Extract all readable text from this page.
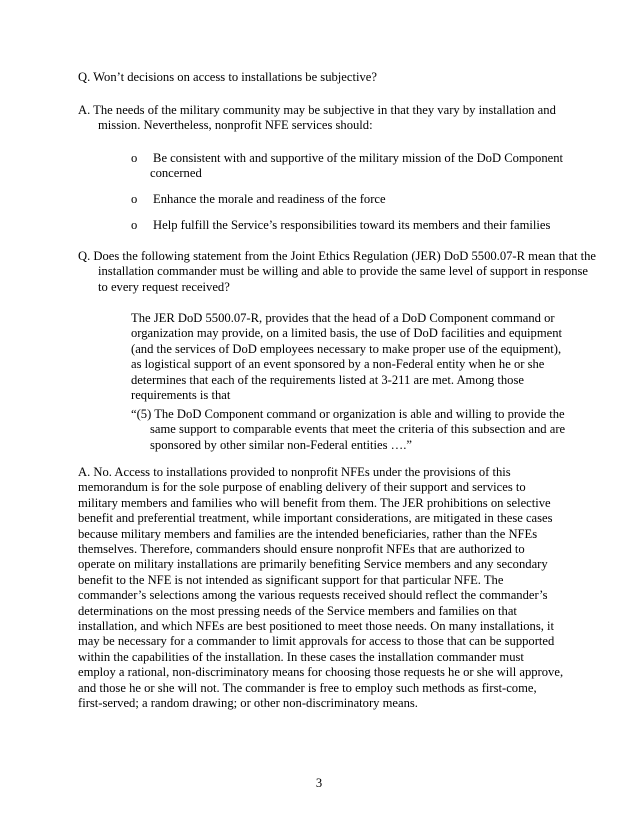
Q. Won’t decisions on access to installations be subjective?

A. The needs of the military community may be subjective in that they vary by installation and mission. Nevertheless, nonprofit NFE services should:

o Be consistent with and supportive of the military mission of the DoD Component concerned

o Enhance the morale and readiness of the force

o Help fulfill the Service’s responsibilities toward its members and their families

Q. Does the following statement from the Joint Ethics Regulation (JER) DoD 5500.07-R mean that the installation commander must be willing and able to provide the same level of support in response to every request received?

The JER DoD 5500.07-R, provides that the head of a DoD Component command or organization may provide, on a limited basis, the use of DoD facilities and equipment (and the services of DoD employees necessary to make proper use of the equipment), as logistical support of an event sponsored by a non-Federal entity when he or she determines that each of the requirements listed at 3-211 are met. Among those requirements is that

“(5) The DoD Component command or organization is able and willing to provide the same support to comparable events that meet the criteria of this subsection and are sponsored by other similar non-Federal entities ….”

A. No. Access to installations provided to nonprofit NFEs under the provisions of this memorandum is for the sole purpose of enabling delivery of their support and services to military members and families who will benefit from them. The JER prohibitions on selective benefit and preferential treatment, while important considerations, are mitigated in these cases because military members and families are the intended beneficiaries, rather than the NFEs themselves. Therefore, commanders should ensure nonprofit NFEs that are authorized to operate on military installations are primarily benefiting Service members and any secondary benefit to the NFE is not intended as significant support for that particular NFE. The commander’s selections among the various requests received should reflect the commander’s determinations on the most pressing needs of the Service members and families on that installation, and which NFEs are best positioned to meet those needs. On many installations, it may be necessary for a commander to limit approvals for access to those that can be supported within the capabilities of the installation. In these cases the installation commander must employ a rational, non-discriminatory means for choosing those requests he or she will approve, and those he or she will not. The commander is free to employ such methods as first-come, first-served; a random drawing; or other non-discriminatory means.

3
